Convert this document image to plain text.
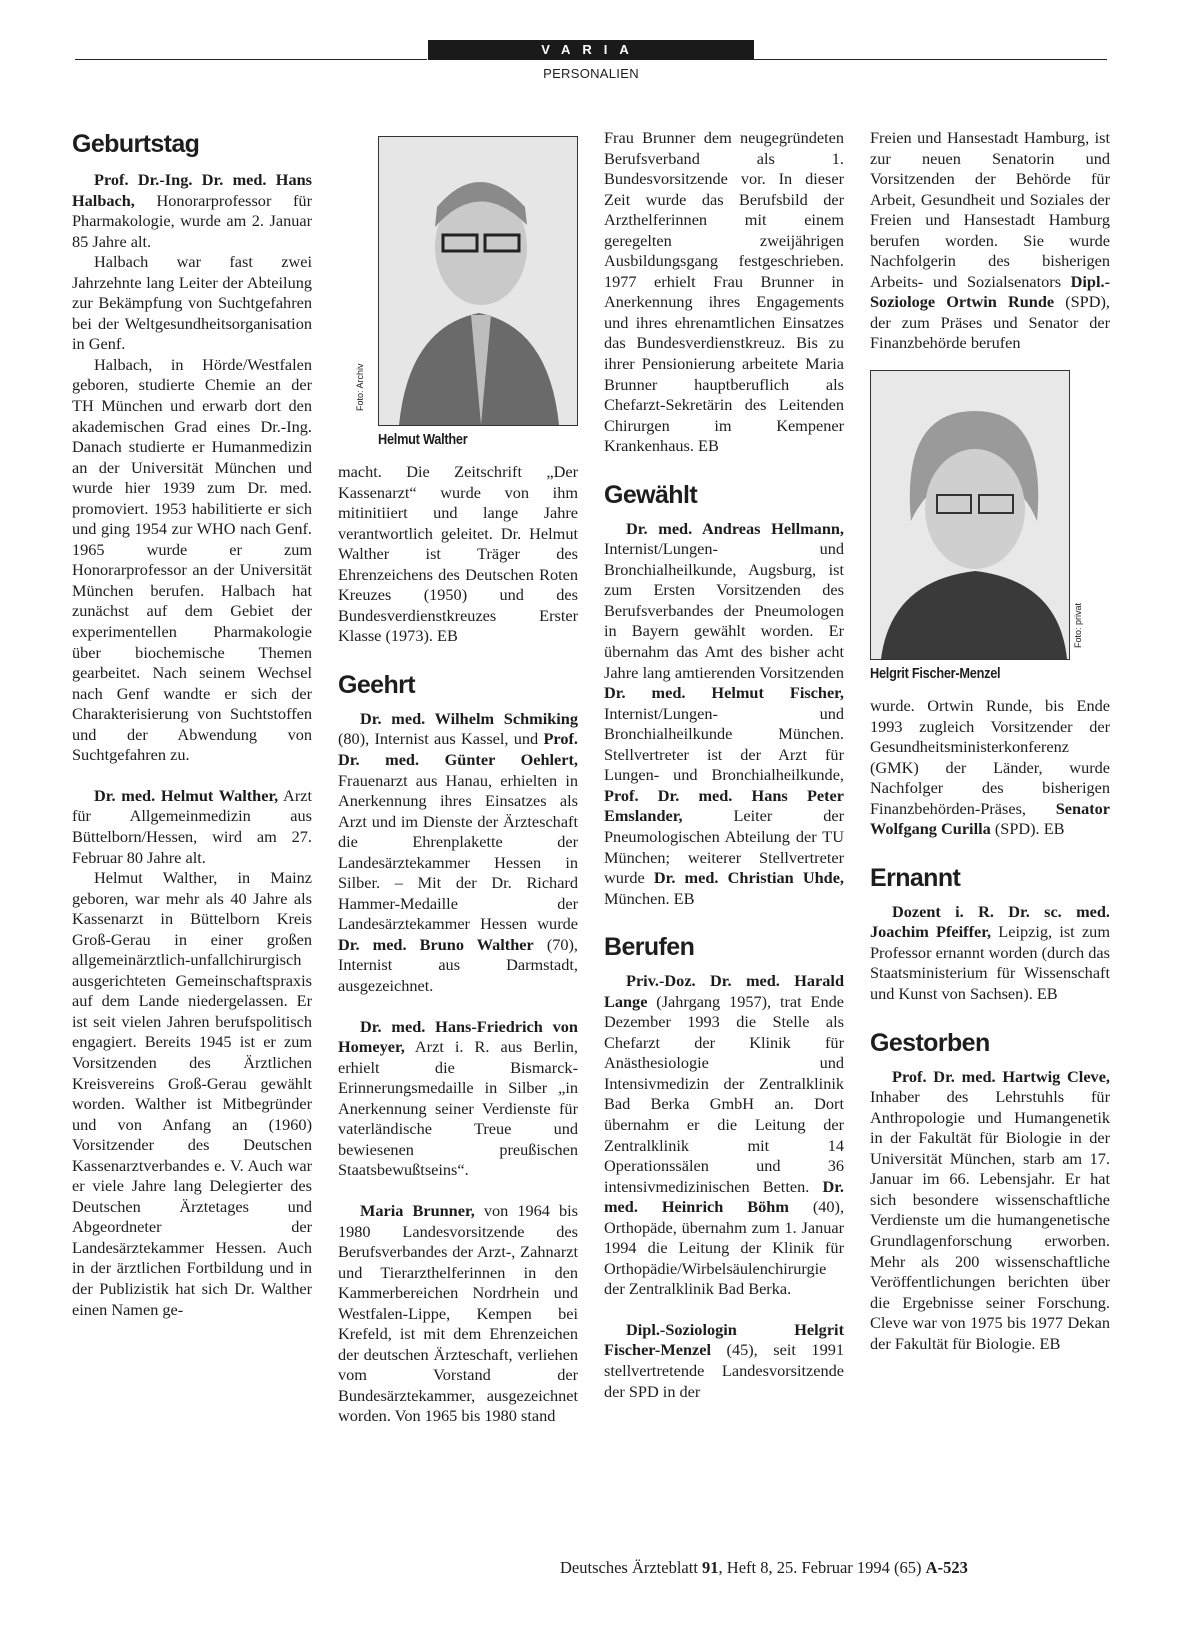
VARIA
PERSONALIEN
Geburtstag

Prof. Dr.-Ing. Dr. med. Hans Halbach, Honorarprofessor für Pharmakologie, wurde am 2. Januar 85 Jahre alt.

Halbach war fast zwei Jahrzehnte lang Leiter der Abteilung zur Bekämpfung von Suchtgefahren bei der Weltgesundheitsorganisation in Genf.

Halbach, in Hörde/Westfalen geboren, studierte Chemie an der TH München und erwarb dort den akademischen Grad eines Dr.-Ing. Danach studierte er Humanmedizin an der Universität München und wurde hier 1939 zum Dr. med. promoviert. 1953 habilitierte er sich und ging 1954 zur WHO nach Genf. 1965 wurde er zum Honorarprofessor an der Universität München berufen. Halbach hat zunächst auf dem Gebiet der experimentellen Pharmakologie über biochemische Themen gearbeitet. Nach seinem Wechsel nach Genf wandte er sich der Charakterisierung von Suchtstoffen und der Abwendung von Suchtgefahren zu.

Dr. med. Helmut Walther, Arzt für Allgemeinmedizin aus Büttelborn/Hessen, wird am 27. Februar 80 Jahre alt.

Helmut Walther, in Mainz geboren, war mehr als 40 Jahre als Kassenarzt in Büttelborn Kreis Groß-Gerau in einer großen allgemeinärztlich-unfallchirurgisch ausgerichteten Gemeinschaftspraxis auf dem Lande niedergelassen. Er ist seit vielen Jahren berufspolitisch engagiert. Bereits 1945 ist er zum Vorsitzenden des Ärztlichen Kreisvereins Groß-Gerau gewählt worden. Walther ist Mitbegründer und von Anfang an (1960) Vorsitzender des Deutschen Kassenarztverbandes e. V. Auch war er viele Jahre lang Delegierter des Deutschen Ärztetages und Abgeordneter der Landesärztekammer Hessen. Auch in der ärztlichen Fortbildung und in der Publizistik hat sich Dr. Walther einen Namen ge-

Foto: Archiv
Helmut Walther

macht. Die Zeitschrift „Der Kassenarzt“ wurde von ihm mitinitiiert und lange Jahre verantwortlich geleitet. Dr. Helmut Walther ist Träger des Ehrenzeichens des Deutschen Roten Kreuzes (1950) und des Bundesverdienstkreuzes Erster Klasse (1973). EB

Geehrt

Dr. med. Wilhelm Schmiking (80), Internist aus Kassel, und Prof. Dr. med. Günter Oehlert, Frauenarzt aus Hanau, erhielten in Anerkennung ihres Einsatzes als Arzt und im Dienste der Ärzteschaft die Ehrenplakette der Landesärztekammer Hessen in Silber. – Mit der Dr. Richard Hammer-Medaille der Landesärztekammer Hessen wurde Dr. med. Bruno Walther (70), Internist aus Darmstadt, ausgezeichnet.

Dr. med. Hans-Friedrich von Homeyer, Arzt i. R. aus Berlin, erhielt die Bismarck-Erinnerungsmedaille in Silber „in Anerkennung seiner Verdienste für vaterländische Treue und bewiesenen preußischen Staatsbewußtseins“.

Maria Brunner, von 1964 bis 1980 Landesvorsitzende des Berufsverbandes der Arzt-, Zahnarzt und Tierarzthelferinnen in den Kammerbereichen Nordrhein und Westfalen-Lippe, Kempen bei Krefeld, ist mit dem Ehrenzeichen der deutschen Ärzteschaft, verliehen vom Vorstand der Bundesärztekammer, ausgezeichnet worden. Von 1965 bis 1980 stand

Frau Brunner dem neugegründeten Berufsverband als 1. Bundesvorsitzende vor. In dieser Zeit wurde das Berufsbild der Arzthelferinnen mit einem geregelten zweijährigen Ausbildungsgang festgeschrieben. 1977 erhielt Frau Brunner in Anerkennung ihres Engagements und ihres ehrenamtlichen Einsatzes das Bundesverdienstkreuz. Bis zu ihrer Pensionierung arbeitete Maria Brunner hauptberuflich als Chefarzt-Sekretärin des Leitenden Chirurgen im Kempener Krankenhaus. EB

Gewählt

Dr. med. Andreas Hellmann, Internist/Lungen- und Bronchialheilkunde, Augsburg, ist zum Ersten Vorsitzenden des Berufsverbandes der Pneumologen in Bayern gewählt worden. Er übernahm das Amt des bisher acht Jahre lang amtierenden Vorsitzenden Dr. med. Helmut Fischer, Internist/Lungen- und Bronchialheilkunde München. Stellvertreter ist der Arzt für Lungen- und Bronchialheilkunde, Prof. Dr. med. Hans Peter Emslander, Leiter der Pneumologischen Abteilung der TU München; weiterer Stellvertreter wurde Dr. med. Christian Uhde, München. EB

Berufen

Priv.-Doz. Dr. med. Harald Lange (Jahrgang 1957), trat Ende Dezember 1993 die Stelle als Chefarzt der Klinik für Anästhesiologie und Intensivmedizin der Zentralklinik Bad Berka GmbH an. Dort übernahm er die Leitung der Zentralklinik mit 14 Operationssälen und 36 intensivmedizinischen Betten. Dr. med. Heinrich Böhm (40), Orthopäde, übernahm zum 1. Januar 1994 die Leitung der Klinik für Orthopädie/Wirbelsäulenchirurgie der Zentralklinik Bad Berka.

Dipl.-Soziologin Helgrit Fischer-Menzel (45), seit 1991 stellvertretende Landesvorsitzende der SPD in der

Freien und Hansestadt Hamburg, ist zur neuen Senatorin und Vorsitzenden der Behörde für Arbeit, Gesundheit und Soziales der Freien und Hansestadt Hamburg berufen worden. Sie wurde Nachfolgerin des bisherigen Arbeits- und Sozialsenators Dipl.-Soziologe Ortwin Runde (SPD), der zum Präses und Senator der Finanzbehörde berufen

Foto: privat
Helgrit Fischer-Menzel

wurde. Ortwin Runde, bis Ende 1993 zugleich Vorsitzender der Gesundheitsministerkonferenz (GMK) der Länder, wurde Nachfolger des bisherigen Finanzbehörden-Präses, Senator Wolfgang Curilla (SPD). EB

Ernannt

Dozent i. R. Dr. sc. med. Joachim Pfeiffer, Leipzig, ist zum Professor ernannt worden (durch das Staatsministerium für Wissenschaft und Kunst von Sachsen). EB

Gestorben

Prof. Dr. med. Hartwig Cleve, Inhaber des Lehrstuhls für Anthropologie und Humangenetik in der Fakultät für Biologie in der Universität München, starb am 17. Januar im 66. Lebensjahr. Er hat sich besondere wissenschaftliche Verdienste um die humangenetische Grundlagenforschung erworben. Mehr als 200 wissenschaftliche Veröffentlichungen berichten über die Ergebnisse seiner Forschung. Cleve war von 1975 bis 1977 Dekan der Fakultät für Biologie. EB

Deutsches Ärzteblatt 91, Heft 8, 25. Februar 1994 (65) A-523
